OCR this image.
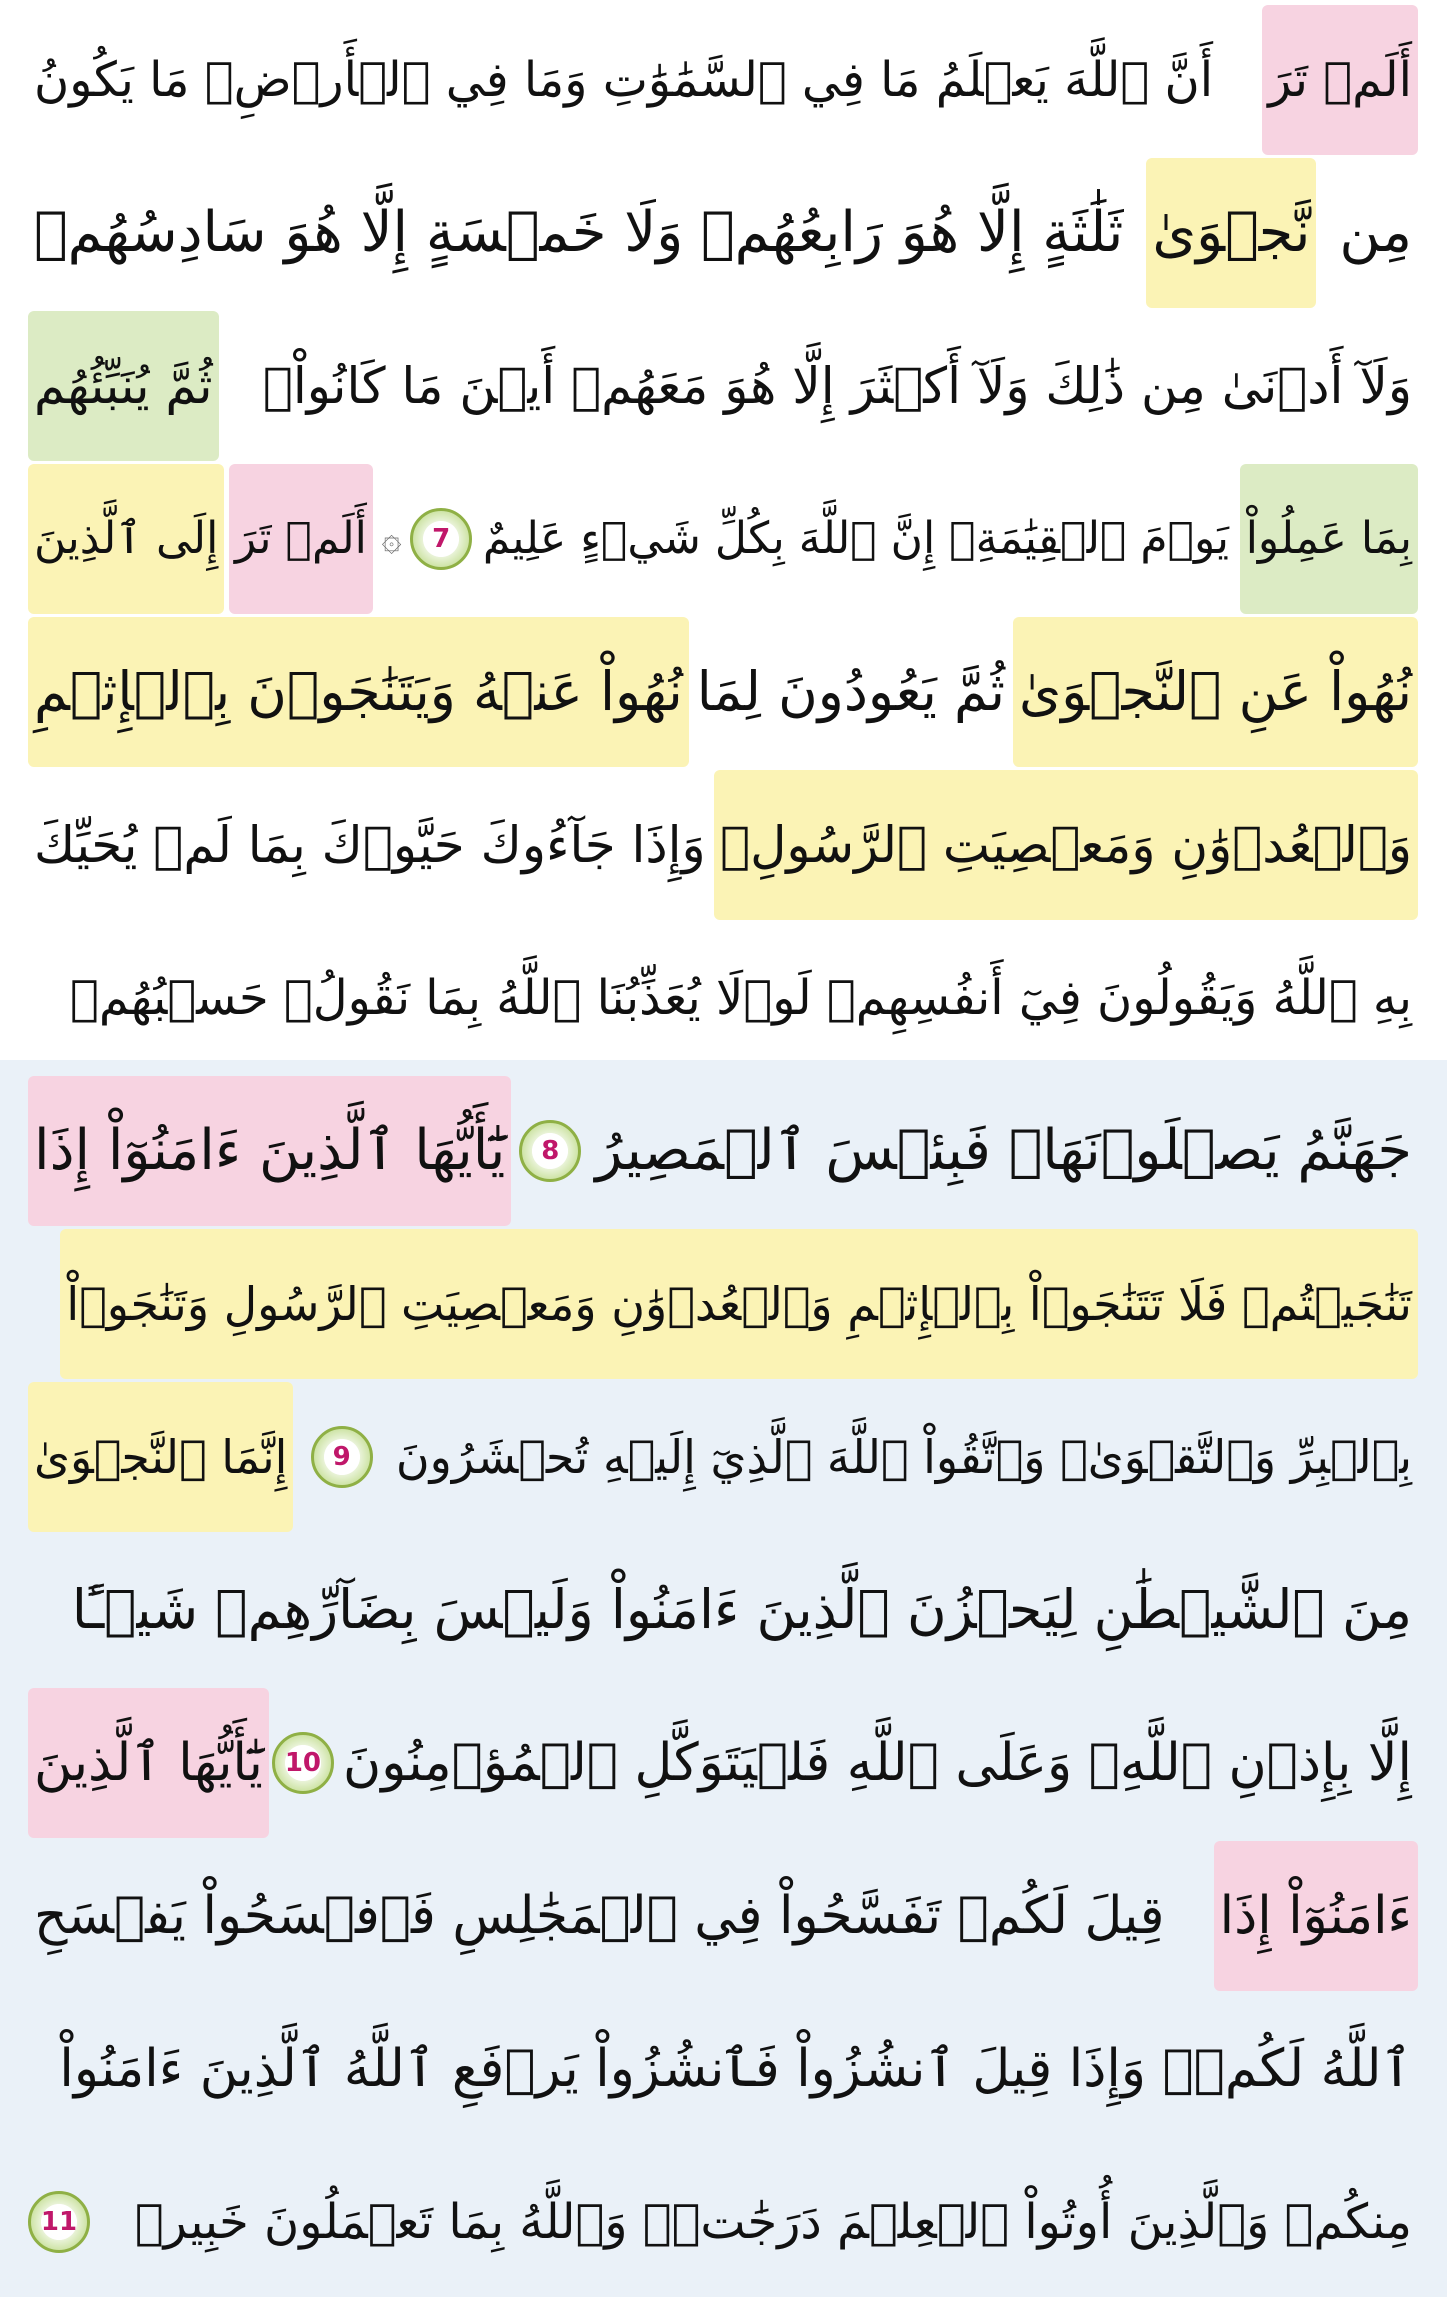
أَلَمۡ تَرَ
أَنَّ ٱللَّهَ يَعۡلَمُ مَا فِي ٱلسَّمَٰوَٰتِ وَمَا فِي ٱلۡأَرۡضِۖ مَا يَكُونُ
مِن
نَّجۡوَىٰ
ثَلَٰثَةٍ إِلَّا هُوَ رَابِعُهُمۡ وَلَا خَمۡسَةٍ إِلَّا هُوَ سَادِسُهُمۡ
وَلَآ أَدۡنَىٰ مِن ذَٰلِكَ وَلَآ أَكۡثَرَ إِلَّا هُوَ مَعَهُمۡ أَيۡنَ مَا كَانُواْۖ
ثُمَّ يُنَبِّئُهُم
بِمَا عَمِلُواْ
يَوۡمَ ٱلۡقِيَٰمَةِۚ إِنَّ ٱللَّهَ بِكُلِّ شَيۡءٍ عَلِيمٌ
7
۞
أَلَمۡ تَرَ
إِلَى ٱلَّذِينَ
نُهُواْ عَنِ ٱلنَّجۡوَىٰ
ثُمَّ يَعُودُونَ لِمَا
نُهُواْ عَنۡهُ وَيَتَنَٰجَوۡنَ بِٱلۡإِثۡمِ
وَٱلۡعُدۡوَٰنِ وَمَعۡصِيَتِ ٱلرَّسُولِۖ
وَإِذَا جَآءُوكَ حَيَّوۡكَ بِمَا لَمۡ يُحَيِّكَ
بِهِ ٱللَّهُ وَيَقُولُونَ فِيٓ أَنفُسِهِمۡ لَوۡلَا يُعَذِّبُنَا ٱللَّهُ بِمَا نَقُولُۚ حَسۡبُهُمۡ
جَهَنَّمُ يَصۡلَوۡنَهَاۖ فَبِئۡسَ ٱلۡمَصِيرُ
8
يَٰٓأَيُّهَا ٱلَّذِينَ ءَامَنُوٓاْ إِذَا
تَنَٰجَيۡتُمۡ فَلَا تَتَنَٰجَوۡاْ بِٱلۡإِثۡمِ وَٱلۡعُدۡوَٰنِ وَمَعۡصِيَتِ ٱلرَّسُولِ وَتَنَٰجَوۡاْ
بِٱلۡبِرِّ وَٱلتَّقۡوَىٰۖ وَٱتَّقُواْ ٱللَّهَ ٱلَّذِيٓ إِلَيۡهِ تُحۡشَرُونَ
9
إِنَّمَا ٱلنَّجۡوَىٰ
مِنَ ٱلشَّيۡطَٰنِ لِيَحۡزُنَ ٱلَّذِينَ ءَامَنُواْ وَلَيۡسَ بِضَآرِّهِمۡ شَيۡـًٔا
إِلَّا بِإِذۡنِ ٱللَّهِۚ وَعَلَى ٱللَّهِ فَلۡيَتَوَكَّلِ ٱلۡمُؤۡمِنُونَ
10
يَٰٓأَيُّهَا ٱلَّذِينَ
ءَامَنُوٓاْ إِذَا
قِيلَ لَكُمۡ تَفَسَّحُواْ فِي ٱلۡمَجَٰلِسِ فَٱفۡسَحُواْ يَفۡسَحِ
ٱللَّهُ لَكُمۡۖ وَإِذَا قِيلَ ٱنشُزُواْ فَٱنشُزُواْ يَرۡفَعِ ٱللَّهُ ٱلَّذِينَ ءَامَنُواْ
مِنكُمۡ وَٱلَّذِينَ أُوتُواْ ٱلۡعِلۡمَ دَرَجَٰتٖۚ وَٱللَّهُ بِمَا تَعۡمَلُونَ خَبِيرٞ
11
